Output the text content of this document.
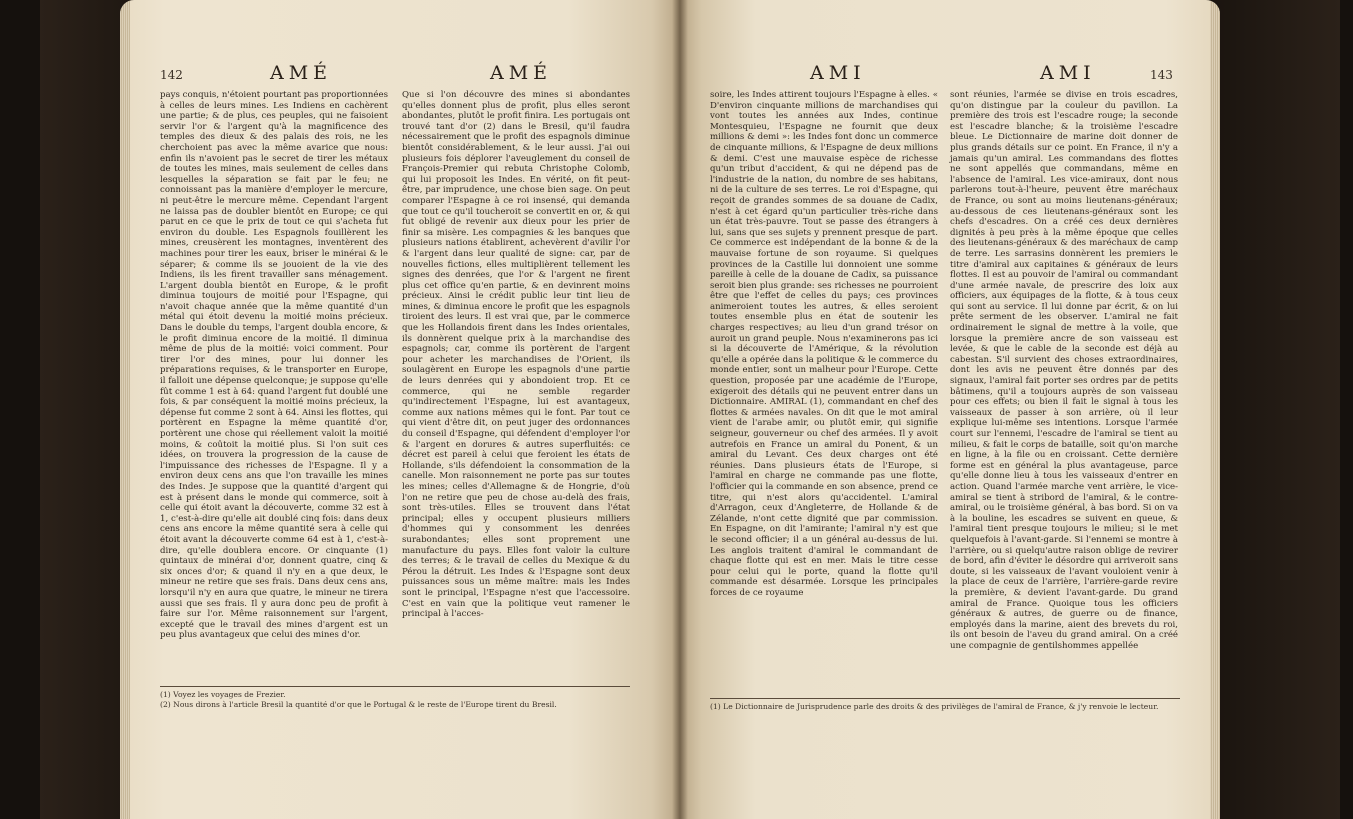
142	AMÉ	AMÉ

pays conquis, n'étoient pourtant pas proportionnées à celles de leurs mines. Les Indiens en cachèrent une partie; & de plus, ces peuples, qui ne faisoient servir l'or & l'argent qu'à la magnificence des temples des dieux & des palais des rois, ne les cherchoient pas avec la même avarice que nous: enfin ils n'avoient pas le secret de tirer les métaux de toutes les mines, mais seulement de celles dans lesquelles la séparation se fait par le feu; ne connoissant pas la manière d'employer le mercure, ni peut-être le mercure même. Cependant l'argent ne laissa pas de doubler bientôt en Europe; ce qui parut en ce que le prix de tout ce qui s'acheta fut environ du double. Les Espagnols fouillèrent les mines, creusèrent les montagnes, inventèrent des machines pour tirer les eaux, briser le minérai & le séparer; & comme ils se jouoient de la vie des Indiens, ils les firent travailler sans ménagement. L'argent doubla bientôt en Europe, & le profit diminua toujours de moitié pour l'Espagne, qui n'avoit chaque année que la même quantité d'un métal qui étoit devenu la moitié moins précieux. Dans le double du temps, l'argent doubla encore, & le profit diminua encore de la moitié. Il diminua même de plus de la moitié: voici comment. Pour tirer l'or des mines, pour lui donner les préparations requises, & le transporter en Europe, il falloit une dépense quelconque; je suppose qu'elle fût comme 1 est à 64: quand l'argent fut doublé une fois, & par conséquent la moitié moins précieux, la dépense fut comme 2 sont à 64. Ainsi les flottes, qui portèrent en Espagne la même quantité d'or, portèrent une chose qui réellement valoit la moitié moins, & coûtoit la moitié plus. Si l'on suit ces idées, on trouvera la progression de la cause de l'impuissance des richesses de l'Espagne. Il y a environ deux cens ans que l'on travaille les mines des Indes. Je suppose que la quantité d'argent qui est à présent dans le monde qui commerce, soit à celle qui étoit avant la découverte, comme 32 est à 1, c'est-à-dire qu'elle ait doublé cinq fois: dans deux cens ans encore la même quantité sera à celle qui étoit avant la découverte comme 64 est à 1, c'est-à-dire, qu'elle doublera encore. Or cinquante (1) quintaux de minérai d'or, donnent quatre, cinq & six onces d'or; & quand il n'y en a que deux, le mineur ne retire que ses frais. Dans deux cens ans, lorsqu'il n'y en aura que quatre, le mineur ne tirera aussi que ses frais. Il y aura donc peu de profit à faire sur l'or. Même raisonnement sur l'argent, excepté que le travail des mines d'argent est un peu plus avantageux que celui des mines d'or.

Que si l'on découvre des mines si abondantes qu'elles donnent plus de profit, plus elles seront abondantes, plutôt le profit finira. Les portugais ont trouvé tant d'or (2) dans le Bresil, qu'il faudra nécessairement que le profit des espagnols diminue bientôt considérablement, & le leur aussi. J'ai oui plusieurs fois déplorer l'aveuglement du conseil de François-Premier qui rebuta Christophe Colomb, qui lui proposoit les Indes. En vérité, on fit peut-être, par imprudence, une chose bien sage. On peut comparer l'Espagne à ce roi insensé, qui demanda que tout ce qu'il toucheroit se convertit en or, & qui fut obligé de revenir aux dieux pour les prier de finir sa misère. Les compagnies & les banques que plusieurs nations établirent, achevèrent d'avilir l'or & l'argent dans leur qualité de signe: car, par de nouvelles fictions, elles multiplièrent tellement les signes des denrées, que l'or & l'argent ne firent plus cet office qu'en partie, & en devinrent moins précieux. Ainsi le crédit public leur tint lieu de mines, & diminua encore le profit que les espagnols tiroient des leurs. Il est vrai que, par le commerce que les Hollandois firent dans les Indes orientales, ils donnèrent quelque prix à la marchandise des espagnols; car, comme ils portèrent de l'argent pour acheter les marchandises de l'Orient, ils soulagèrent en Europe les espagnols d'une partie de leurs denrées qui y abondoient trop. Et ce commerce, qui ne semble regarder qu'indirectement l'Espagne, lui est avantageux, comme aux nations mêmes qui le font. Par tout ce qui vient d'être dit, on peut juger des ordonnances du conseil d'Espagne, qui défendent d'employer l'or & l'argent en dorures & autres superfluités: ce décret est pareil à celui que feroient les états de Hollande, s'ils défendoient la consommation de la canelle. Mon raisonnement ne porte pas sur toutes les mines; celles d'Allemagne & de Hongrie, d'où l'on ne retire que peu de chose au-delà des frais, sont très-utiles. Elles se trouvent dans l'état principal; elles y occupent plusieurs milliers d'hommes qui y consomment les denrées surabondantes; elles sont proprement une manufacture du pays. Elles font valoir la culture des terres; & le travail de celles du Mexique & du Pérou la détruit. Les Indes & l'Espagne sont deux puissances sous un même maître: mais les Indes sont le principal, l'Espagne n'est que l'accessoire. C'est en vain que la politique veut ramener le principal à l'acces-

(1) Voyez les voyages de Frezier.
(2) Nous dirons à l'article Bresil la quantité d'or que le Portugal & le reste de l'Europe tirent du Bresil.
AMI	AMI	143

soire, les Indes attirent toujours l'Espagne à elles. « D'environ cinquante millions de marchandises qui vont toutes les années aux Indes, continue Montesquieu, l'Espagne ne fournit que deux millions & demi »: les Indes font donc un commerce de cinquante millions, & l'Espagne de deux millions & demi. C'est une mauvaise espèce de richesse qu'un tribut d'accident, & qui ne dépend pas de l'industrie de la nation, du nombre de ses habitans, ni de la culture de ses terres. Le roi d'Espagne, qui reçoit de grandes sommes de sa douane de Cadix, n'est à cet égard qu'un particulier très-riche dans un état très-pauvre. Tout se passe des étrangers à lui, sans que ses sujets y prennent presque de part. Ce commerce est indépendant de la bonne & de la mauvaise fortune de son royaume. Si quelques provinces de la Castille lui donnoient une somme pareille à celle de la douane de Cadix, sa puissance seroit bien plus grande: ses richesses ne pourroient être que l'effet de celles du pays; ces provinces animeroient toutes les autres, & elles seroient toutes ensemble plus en état de soutenir les charges respectives; au lieu d'un grand trésor on auroit un grand peuple. Nous n'examinerons pas ici si la découverte de l'Amérique, & la révolution qu'elle a opérée dans la politique & le commerce du monde entier, sont un malheur pour l'Europe. Cette question, proposée par une académie de l'Europe, exigeroit des détails qui ne peuvent entrer dans un Dictionnaire. AMIRAL (1), commandant en chef des flottes & armées navales. On dit que le mot amiral vient de l'arabe amir, ou plutôt emir, qui signifie seigneur, gouverneur ou chef des armées. Il y avoit autrefois en France un amiral du Ponent, & un amiral du Levant. Ces deux charges ont été réunies. Dans plusieurs états de l'Europe, si l'amiral en charge ne commande pas une flotte, l'officier qui la commande en son absence, prend ce titre, qui n'est alors qu'accidentel. L'amiral d'Arragon, ceux d'Angleterre, de Hollande & de Zélande, n'ont cette dignité que par commission. En Espagne, on dit l'amirante; l'amiral n'y est que le second officier; il a un général au-dessus de lui. Les anglois traitent d'amiral le commandant de chaque flotte qui est en mer. Mais le titre cesse pour celui qui le porte, quand la flotte qu'il commande est désarmée. Lorsque les principales forces de ce royaume

sont réunies, l'armée se divise en trois escadres, qu'on distingue par la couleur du pavillon. La première des trois est l'escadre rouge; la seconde est l'escadre blanche; & la troisième l'escadre bleue. Le Dictionnaire de marine doit donner de plus grands détails sur ce point. En France, il n'y a jamais qu'un amiral. Les commandans des flottes ne sont appellés que commandans, même en l'absence de l'amiral. Les vice-amiraux, dont nous parlerons tout-à-l'heure, peuvent être maréchaux de France, ou sont au moins lieutenans-généraux; au-dessous de ces lieutenans-généraux sont les chefs d'escadres. On a créé ces deux dernières dignités à peu près à la même époque que celles des lieutenans-généraux & des maréchaux de camp de terre. Les sarrasins donnèrent les premiers le titre d'amiral aux capitaines & généraux de leurs flottes. Il est au pouvoir de l'amiral ou commandant d'une armée navale, de prescrire des loix aux officiers, aux équipages de la flotte, & à tous ceux qui sont au service. Il lui donne par écrit, & on lui prête serment de les observer. L'amiral ne fait ordinairement le signal de mettre à la voile, que lorsque la première ancre de son vaisseau est levée, & que le cable de la seconde est déjà au cabestan. S'il survient des choses extraordinaires, dont les avis ne peuvent être donnés par des signaux, l'amiral fait porter ses ordres par de petits bâtimens, qu'il a toujours auprès de son vaisseau pour ces effets; ou bien il fait le signal à tous les vaisseaux de passer à son arrière, où il leur explique lui-même ses intentions. Lorsque l'armée court sur l'ennemi, l'escadre de l'amiral se tient au milieu, & fait le corps de bataille, soit qu'on marche en ligne, à la file ou en croissant. Cette dernière forme est en général la plus avantageuse, parce qu'elle donne lieu à tous les vaisseaux d'entrer en action. Quand l'armée marche vent arrière, le vice-amiral se tient à stribord de l'amiral, & le contre-amiral, ou le troisième général, à bas bord. Si on va à la bouline, les escadres se suivent en queue, & l'amiral tient presque toujours le milieu; si le met quelquefois à l'avant-garde. Si l'ennemi se montre à l'arrière, ou si quelqu'autre raison oblige de revirer de bord, afin d'éviter le désordre qui arriveroit sans doute, si les vaisseaux de l'avant vouloient venir à la place de ceux de l'arrière, l'arrière-garde revire la première, & devient l'avant-garde. Du grand amiral de France. Quoique tous les officiers généraux & autres, de guerre ou de finance, employés dans la marine, aient des brevets du roi, ils ont besoin de l'aveu du grand amiral. On a créé une compagnie de gentilshommes appellée

(1) Le Dictionnaire de Jurisprudence parle des droits & des privilèges de l'amiral de France, & j'y renvoie le lecteur.
